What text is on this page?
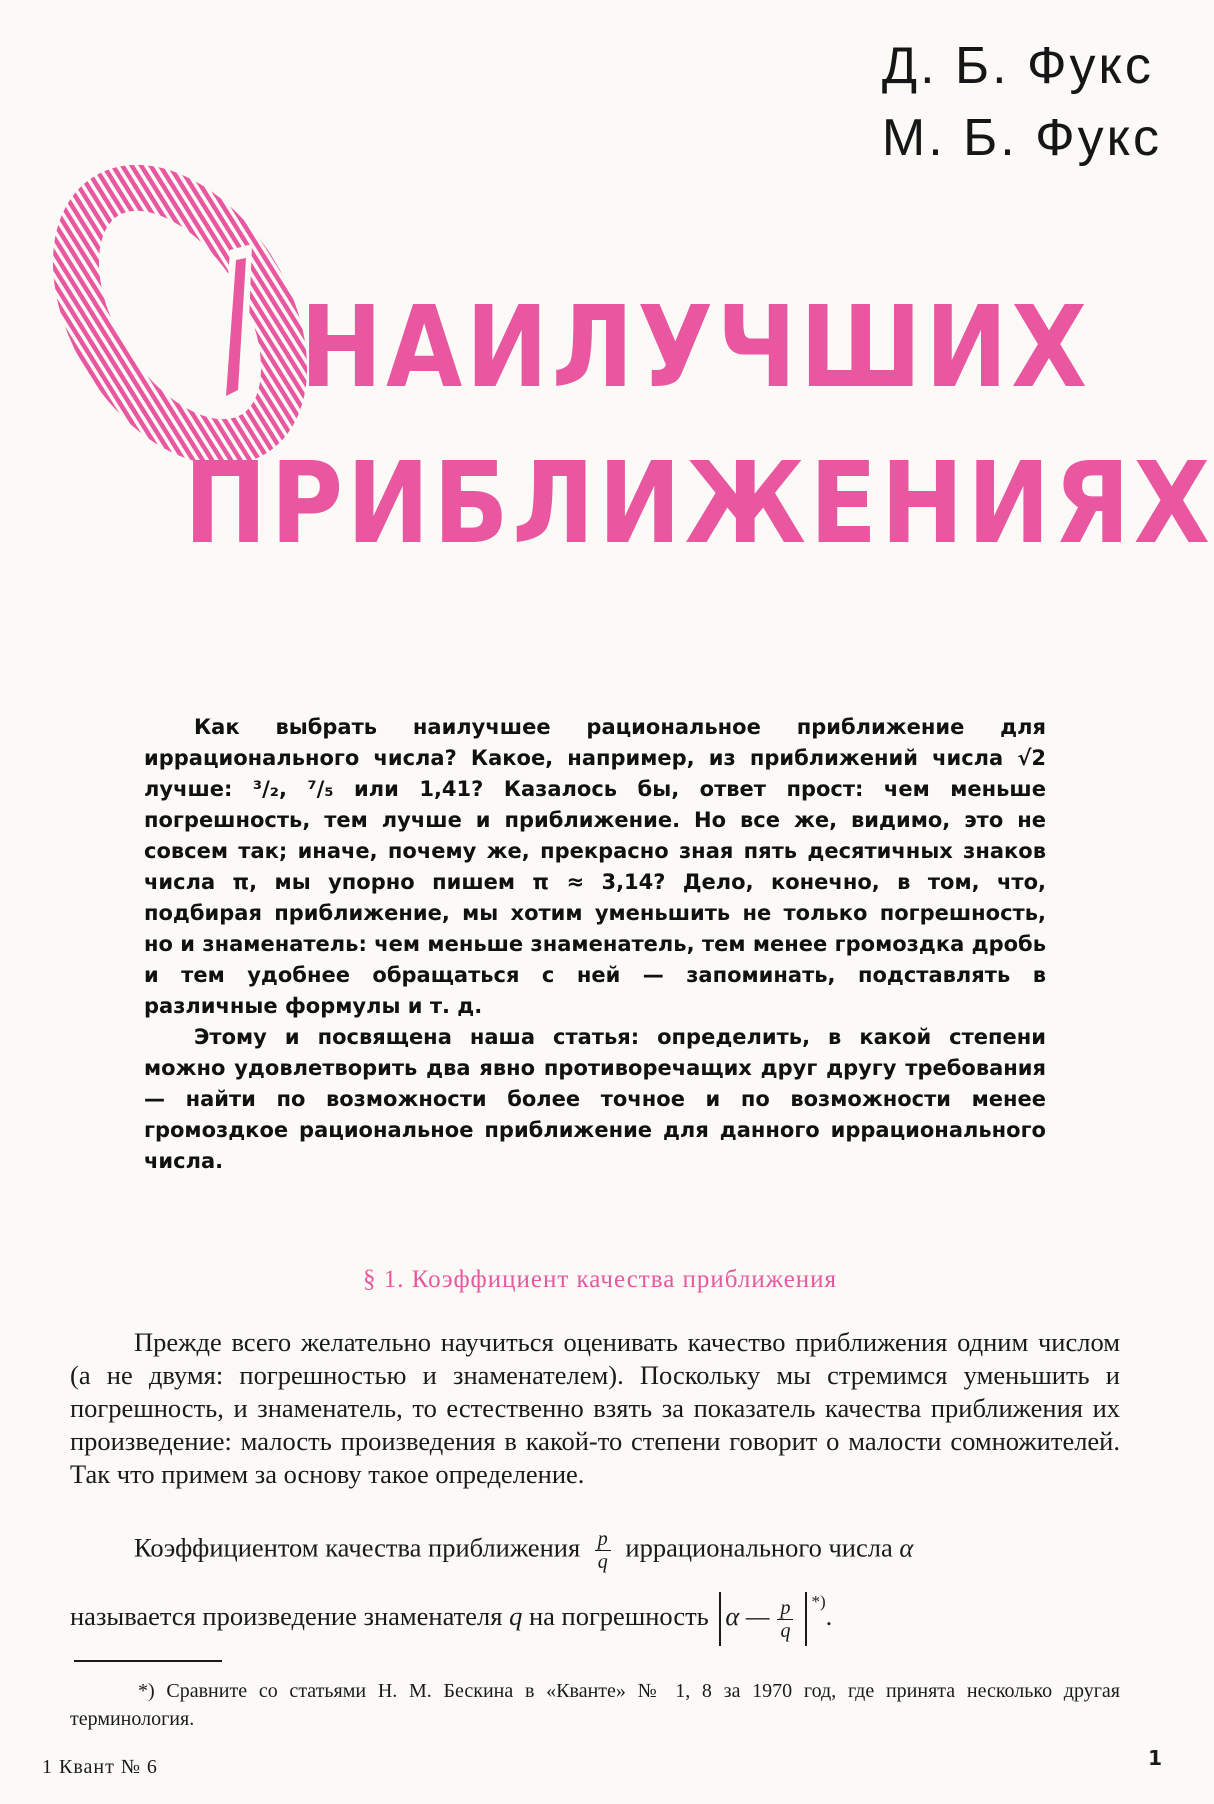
Д. Б. Фукс
М. Б. Фукс
О
НАИЛУЧШИХ
ПРИБЛИЖЕНИЯХ

Как выбрать наилучшее рациональное приближение для иррационального числа? Какое, например, из приближений числа √2 лучше: ³/₂, ⁷/₅ или 1,41? Казалось бы, ответ прост: чем меньше погрешность, тем лучше и приближение. Но все же, видимо, это не совсем так; иначе, почему же, прекрасно зная пять десятичных знаков числа π, мы упорно пишем π ≈ 3,14? Дело, конечно, в том, что, подбирая приближение, мы хотим уменьшить не только погрешность, но и знаменатель: чем меньше знаменатель, тем менее громоздка дробь и тем удобнее обращаться с ней — запоминать, подставлять в различные формулы и т. д.

Этому и посвящена наша статья: определить, в какой степени можно удовлетворить два явно противоречащих друг другу требования — найти по возможности более точное и по возможности менее громоздкое рациональное приближение для данного иррационального числа.

§ 1. Коэффициент качества приближения

Прежде всего желательно научиться оценивать качество приближения одним числом (а не двумя: погрешностью и знаменателем). Поскольку мы стремимся уменьшить и погрешность, и знаменатель, то естественно взять за показатель качества приближения их произведение: малость произведения в какой-то степени говорит о малости сомножителей. Так что примем за основу такое определение.

Коэффициентом качества приближения $\frac{p}{q}$ иррационального числа α
называется произведение знаменателя q на погрешность α — $\frac{p}{q} ^{*)}$.

*) Сравните со статьями Н. М. Бескина в «Кванте» № 1, 8 за 1970 год, где принята несколько другая терминология.

1 Квант № 6	1
